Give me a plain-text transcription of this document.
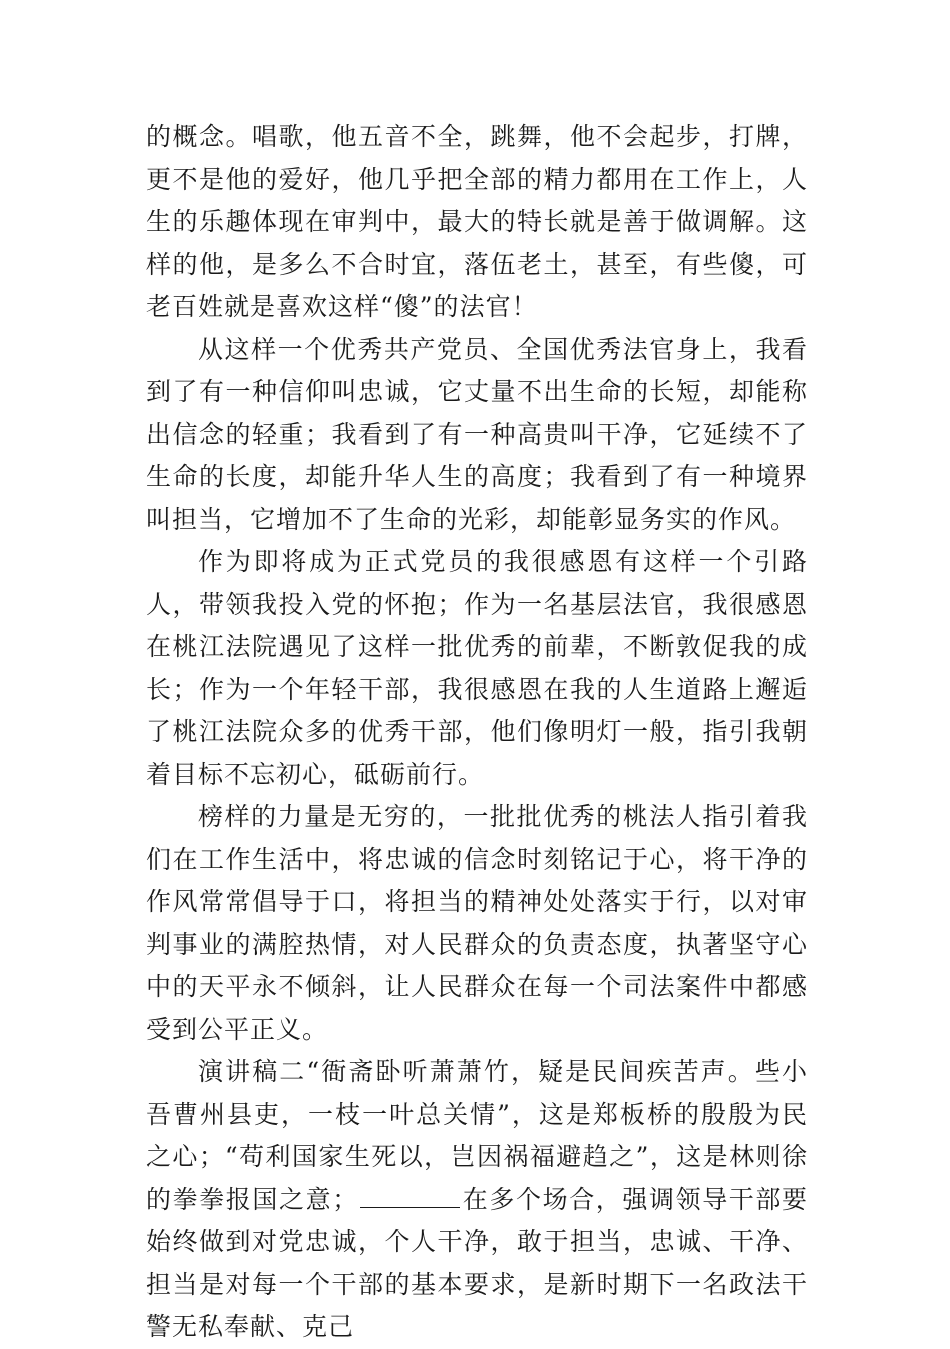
的概念。唱歌，他五音不全，跳舞，他不会起步，打牌，更不是他的爱好，他几乎把全部的精力都用在工作上，人生的乐趣体现在审判中，最大的特长就是善于做调解。这样的他，是多么不合时宜，落伍老土，甚至，有些傻，可老百姓就是喜欢这样“傻”的法官！

从这样一个优秀共产党员、全国优秀法官身上，我看到了有一种信仰叫忠诚，它丈量不出生命的长短，却能称出信念的轻重；我看到了有一种高贵叫干净，它延续不了生命的长度，却能升华人生的高度；我看到了有一种境界叫担当，它增加不了生命的光彩，却能彰显务实的作风。

作为即将成为正式党员的我很感恩有这样一个引路人，带领我投入党的怀抱；作为一名基层法官，我很感恩在桃江法院遇见了这样一批优秀的前辈，不断敦促我的成长；作为一个年轻干部，我很感恩在我的人生道路上邂逅了桃江法院众多的优秀干部，他们像明灯一般，指引我朝着目标不忘初心，砥砺前行。

榜样的力量是无穷的，一批批优秀的桃法人指引着我们在工作生活中，将忠诚的信念时刻铭记于心，将干净的作风常常倡导于口，将担当的精神处处落实于行，以对审判事业的满腔热情，对人民群众的负责态度，执著坚守心中的天平永不倾斜，让人民群众在每一个司法案件中都感受到公平正义。

演讲稿二“衙斋卧听萧萧竹，疑是民间疾苦声。些小吾曹州县吏，一枝一叶总关情”，这是郑板桥的殷殷为民之心；“苟利国家生死以，岂因祸福避趋之”，这是林则徐的拳拳报国之意；	在多个场合，强调领导干部要始终做到对党忠诚，个人干净，敢于担当，忠诚、干净、担当是对每一个干部的基本要求，是新时期下一名政法干警无私奉献、克己
